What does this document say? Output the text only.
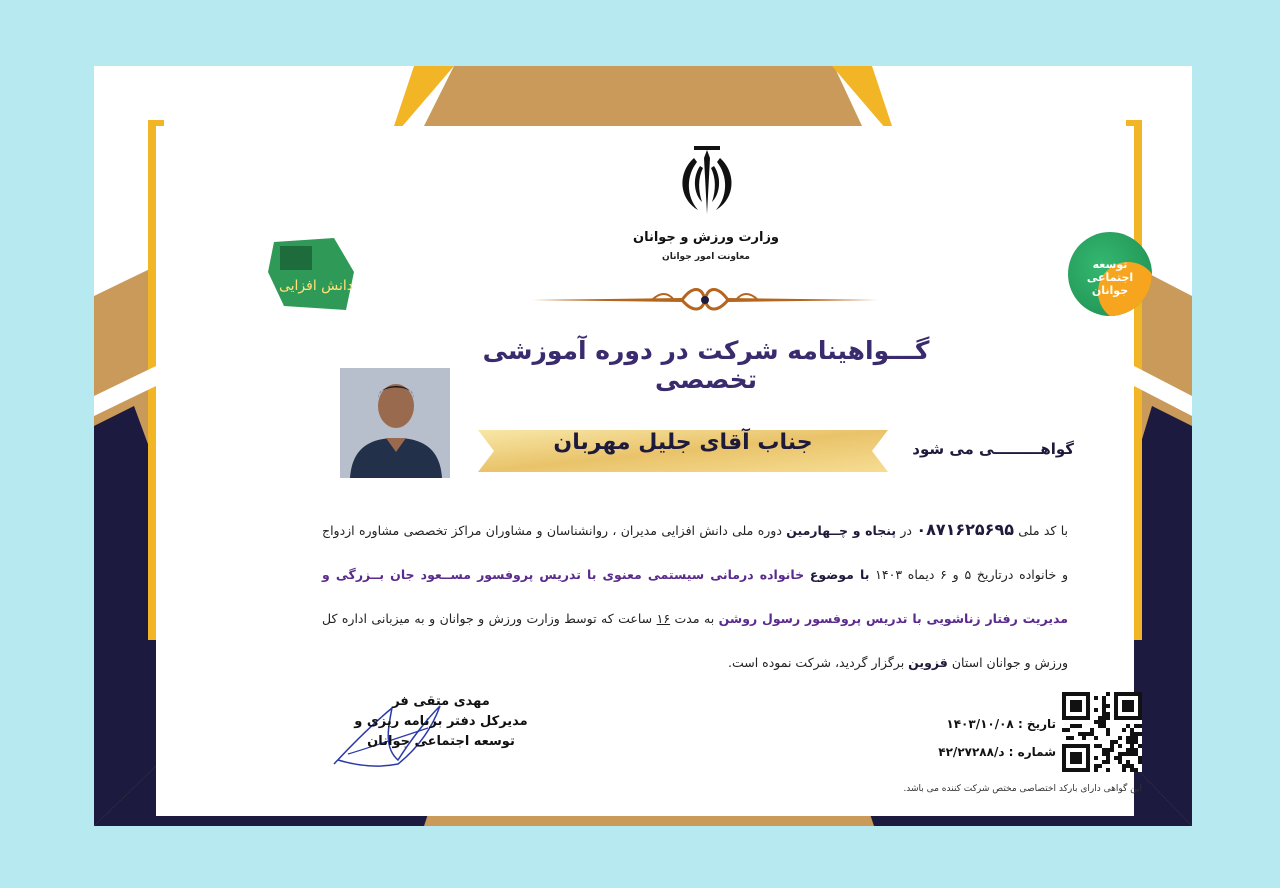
وزارت ورزش و جوانان
معاونت امور جوانان
دانش افزایی
توسعه اجتماعی جوانان
گـــواهینامه شرکت در دوره آموزشی تخصصی
جناب آقای جلیل مهربان	گواهـــــــــی می شود
با کد ملی ۰۸۷۱۶۲۵۶۹۵ در پنجاه و چــهارمین دوره ملی دانش افزایی مدیران ، روانشناسان و مشاوران مراکز تخصصی مشاوره ازدواج و خانواده درتاریخ ۵ و ۶ دیماه ۱۴۰۳ با موضوع خانواده درمانی سیستمی معنوی با تدریس پروفسور مســعود جان بــزرگی و مدیریت رفتار زناشویی با تدریس پروفسور رسول روشن به مدت ۱۶ ساعت که توسط وزارت ورزش و جوانان و به میزبانی اداره کل ورزش و جوانان استان قزوین برگزار گردید، شرکت نموده است.
مهدی متقی فر
مدیرکل دفتر برنامه ریزی و
توسعه اجتماعی جوانان
تاریخ : ۱۴۰۳/۱۰/۰۸
شماره : د/۴۲/۲۷۲۸۸
این گواهی دارای بارکد اختصاصی مختص شرکت کننده می باشد.
